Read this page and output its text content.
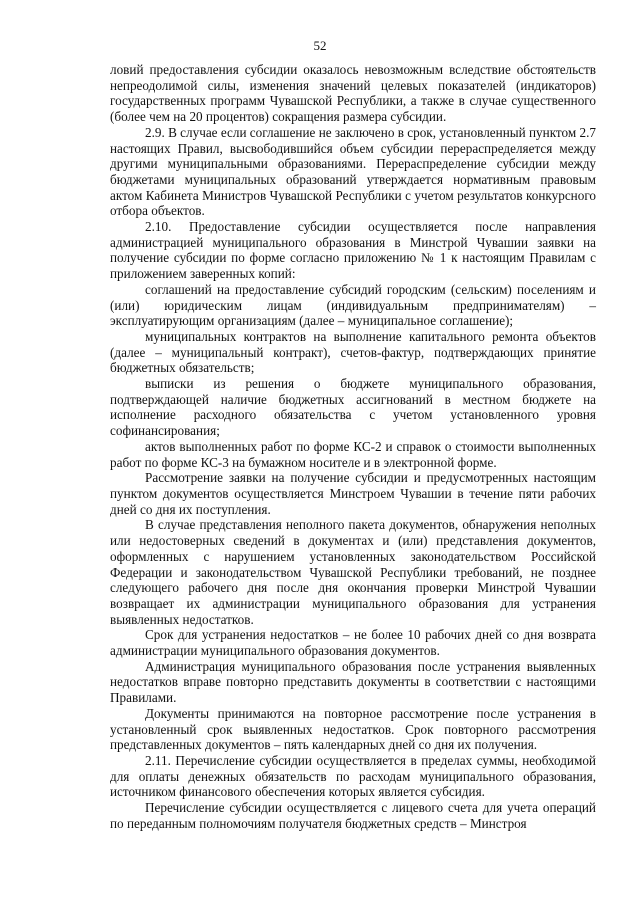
52

ловий предоставления субсидии оказалось невозможным вследствие обстоятельств непреодолимой силы, изменения значений целевых показателей (индикаторов) государственных программ Чувашской Республики, а также в случае существенного (более чем на 20 процентов) сокращения размера субсидии.

2.9. В случае если соглашение не заключено в срок, установленный пунктом 2.7 настоящих Правил, высвободившийся объем субсидии перераспределяется между другими муниципальными образованиями. Перераспределение субсидии между бюджетами муниципальных образований утверждается нормативным правовым актом Кабинета Министров Чувашской Республики с учетом результатов конкурсного отбора объектов.

2.10. Предоставление субсидии осуществляется после направления администрацией муниципального образования в Минстрой Чувашии заявки на получение субсидии по форме согласно приложению № 1 к настоящим Правилам с приложением заверенных копий:

соглашений на предоставление субсидий городским (сельским) поселениям и (или) юридическим лицам (индивидуальным предпринимателям) – эксплуатирующим организациям (далее – муниципальное соглашение);

муниципальных контрактов на выполнение капитального ремонта объектов (далее – муниципальный контракт), счетов-фактур, подтверждающих принятие бюджетных обязательств;

выписки из решения о бюджете муниципального образования, подтверждающей наличие бюджетных ассигнований в местном бюджете на исполнение расходного обязательства с учетом установленного уровня софинансирования;

актов выполненных работ по форме КС-2 и справок о стоимости выполненных работ по форме КС-3 на бумажном носителе и в электронной форме.

Рассмотрение заявки на получение субсидии и предусмотренных настоящим пунктом документов осуществляется Минстроем Чувашии в течение пяти рабочих дней со дня их поступления.

В случае представления неполного пакета документов, обнаружения неполных или недостоверных сведений в документах и (или) представления документов, оформленных с нарушением установленных законодательством Российской Федерации и законодательством Чувашской Республики требований, не позднее следующего рабочего дня после дня окончания проверки Минстрой Чувашии возвращает их администрации муниципального образования для устранения выявленных недостатков.

Срок для устранения недостатков – не более 10 рабочих дней со дня возврата администрации муниципального образования документов.

Администрация муниципального образования после устранения выявленных недостатков вправе повторно представить документы в соответствии с настоящими Правилами.

Документы принимаются на повторное рассмотрение после устранения в установленный срок выявленных недостатков. Срок повторного рассмотрения представленных документов – пять календарных дней со дня их получения.

2.11. Перечисление субсидии осуществляется в пределах суммы, необходимой для оплаты денежных обязательств по расходам муниципального образования, источником финансового обеспечения которых является субсидия.

Перечисление субсидии осуществляется с лицевого счета для учета операций по переданным полномочиям получателя бюджетных средств – Минстроя
